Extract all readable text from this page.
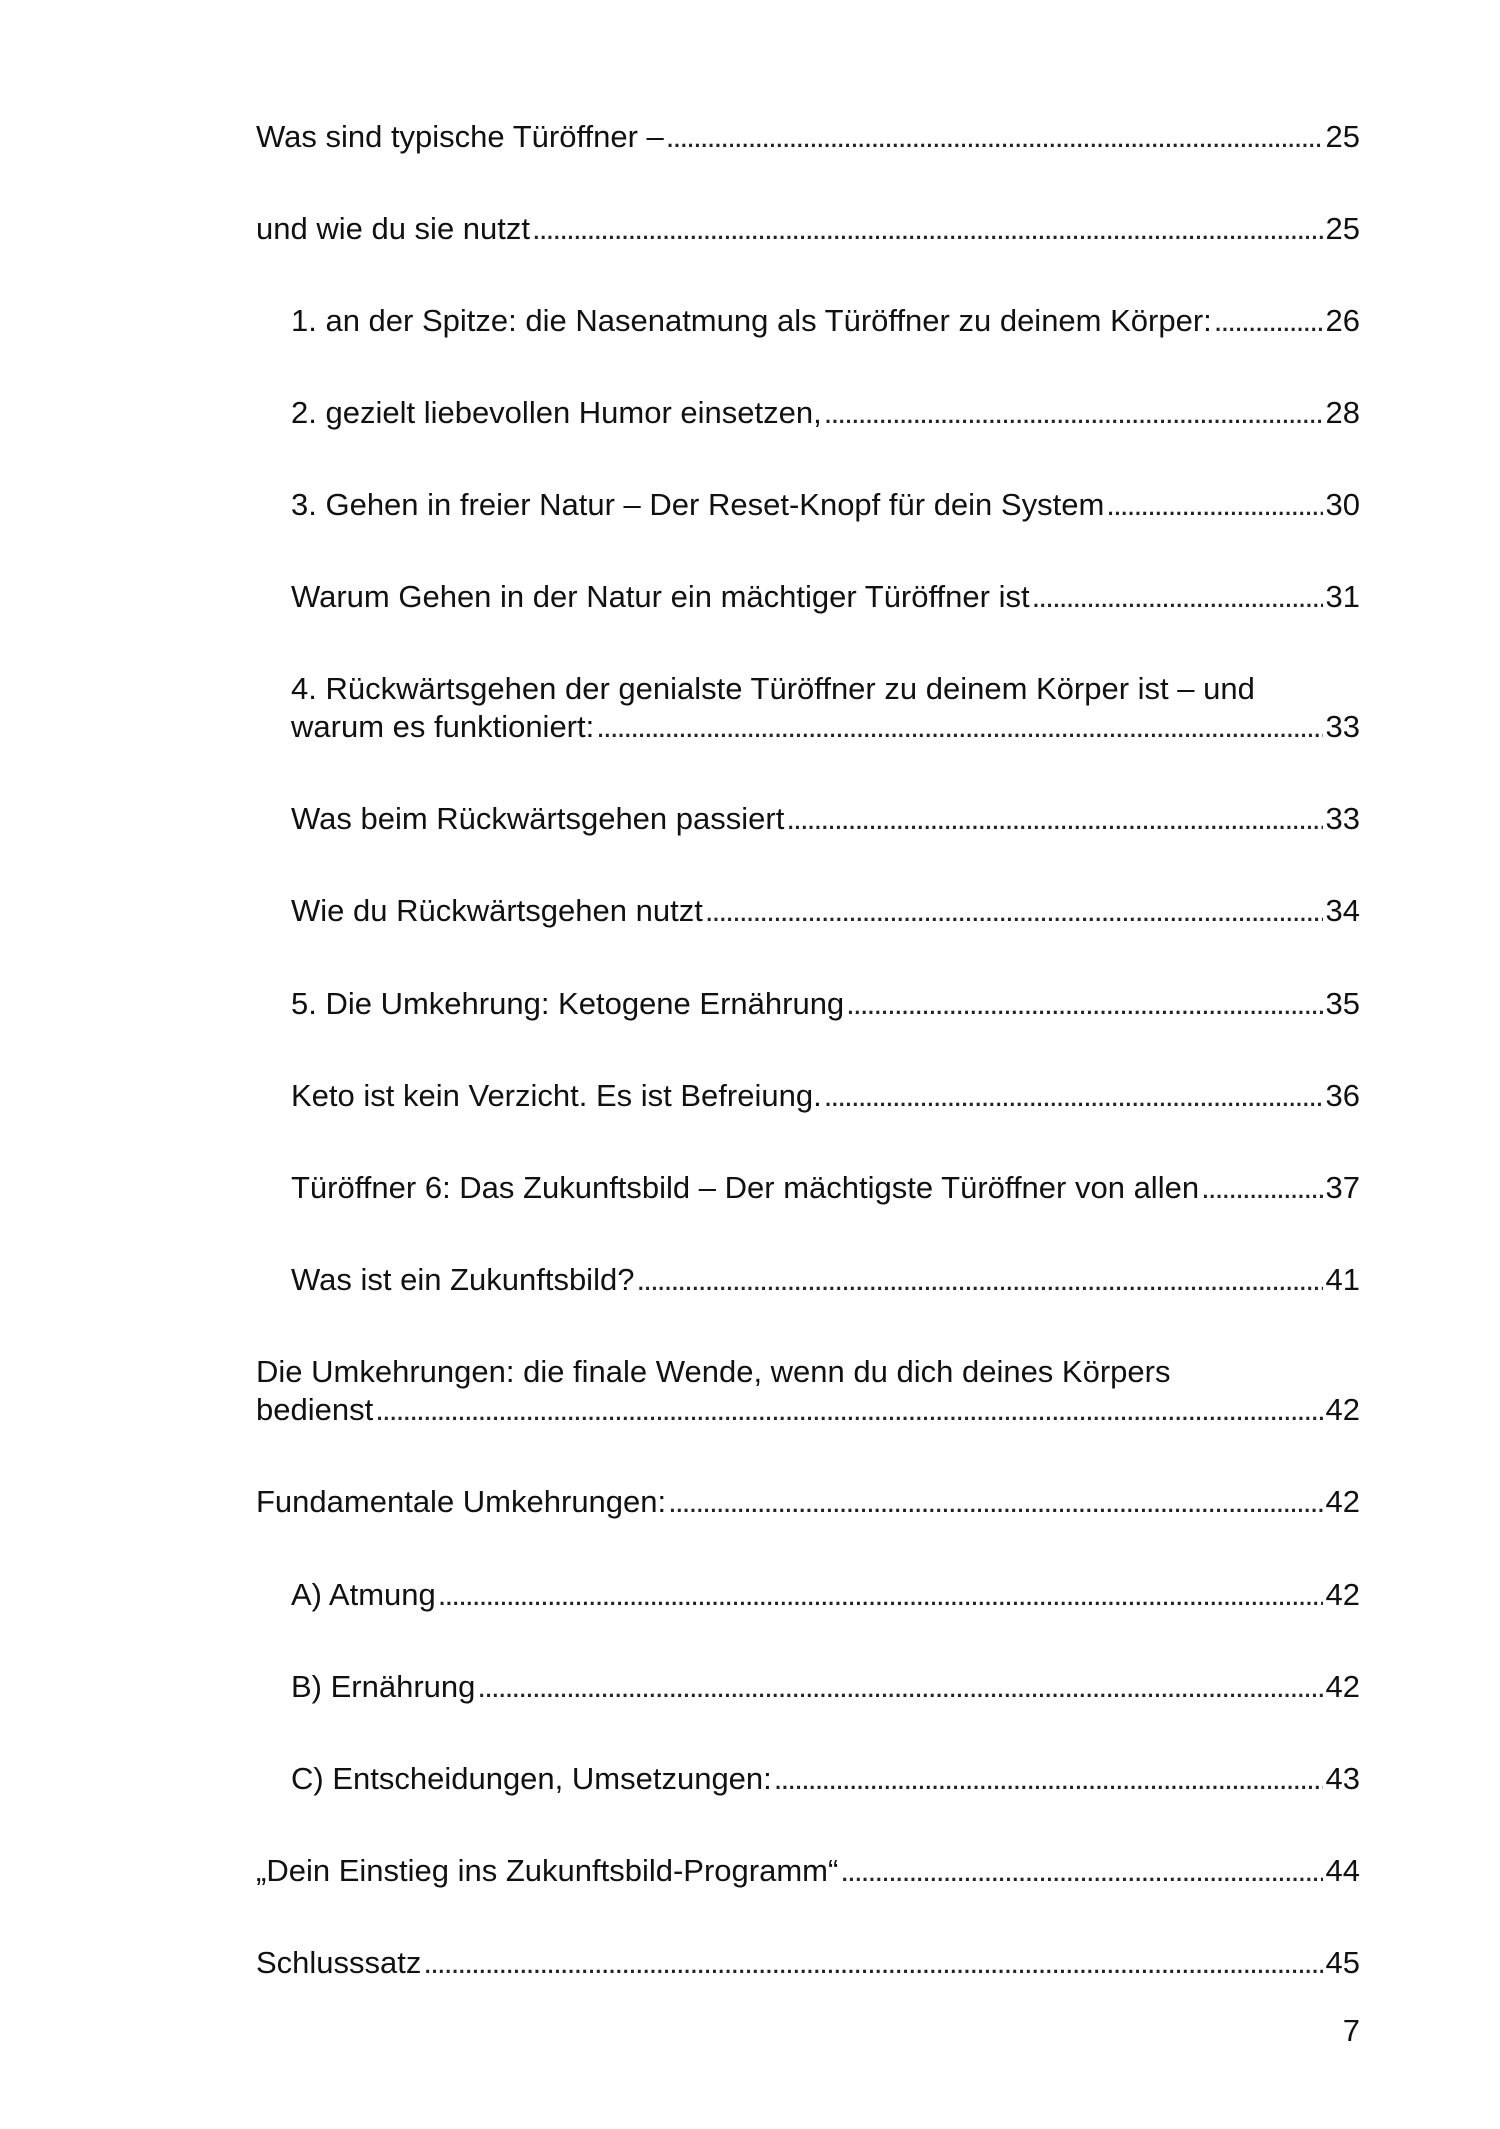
Was sind typische Türöffner – . . .	25
und wie du sie nutzt . . .	25
1. an der Spitze: die Nasenatmung als Türöffner zu deinem Körper: . . .	26
2. gezielt liebevollen Humor einsetzen, . . .	28
3. Gehen in freier Natur – Der Reset-Knopf für dein System . . .	30
Warum Gehen in der Natur ein mächtiger Türöffner ist . . .	31
4. Rückwärtsgehen der genialste Türöffner zu deinem Körper ist – und
warum es funktioniert: . . .	33
Was beim Rückwärtsgehen passiert . . .	33
Wie du Rückwärtsgehen nutzt . . .	34
5. Die Umkehrung: Ketogene Ernährung . . .	35
Keto ist kein Verzicht. Es ist Befreiung. . . .	36
Türöffner 6: Das Zukunftsbild – Der mächtigste Türöffner von allen . . .	37
Was ist ein Zukunftsbild? . . .	41
Die Umkehrungen: die finale Wende, wenn du dich deines Körpers
bedienst . . .	42
Fundamentale Umkehrungen: . . .	42
A) Atmung . . .	42
B) Ernährung . . .	42
C) Entscheidungen, Umsetzungen: . . .	43
„Dein Einstieg ins Zukunftsbild-Programm“ . . .	44
Schlusssatz . . .	45
7
